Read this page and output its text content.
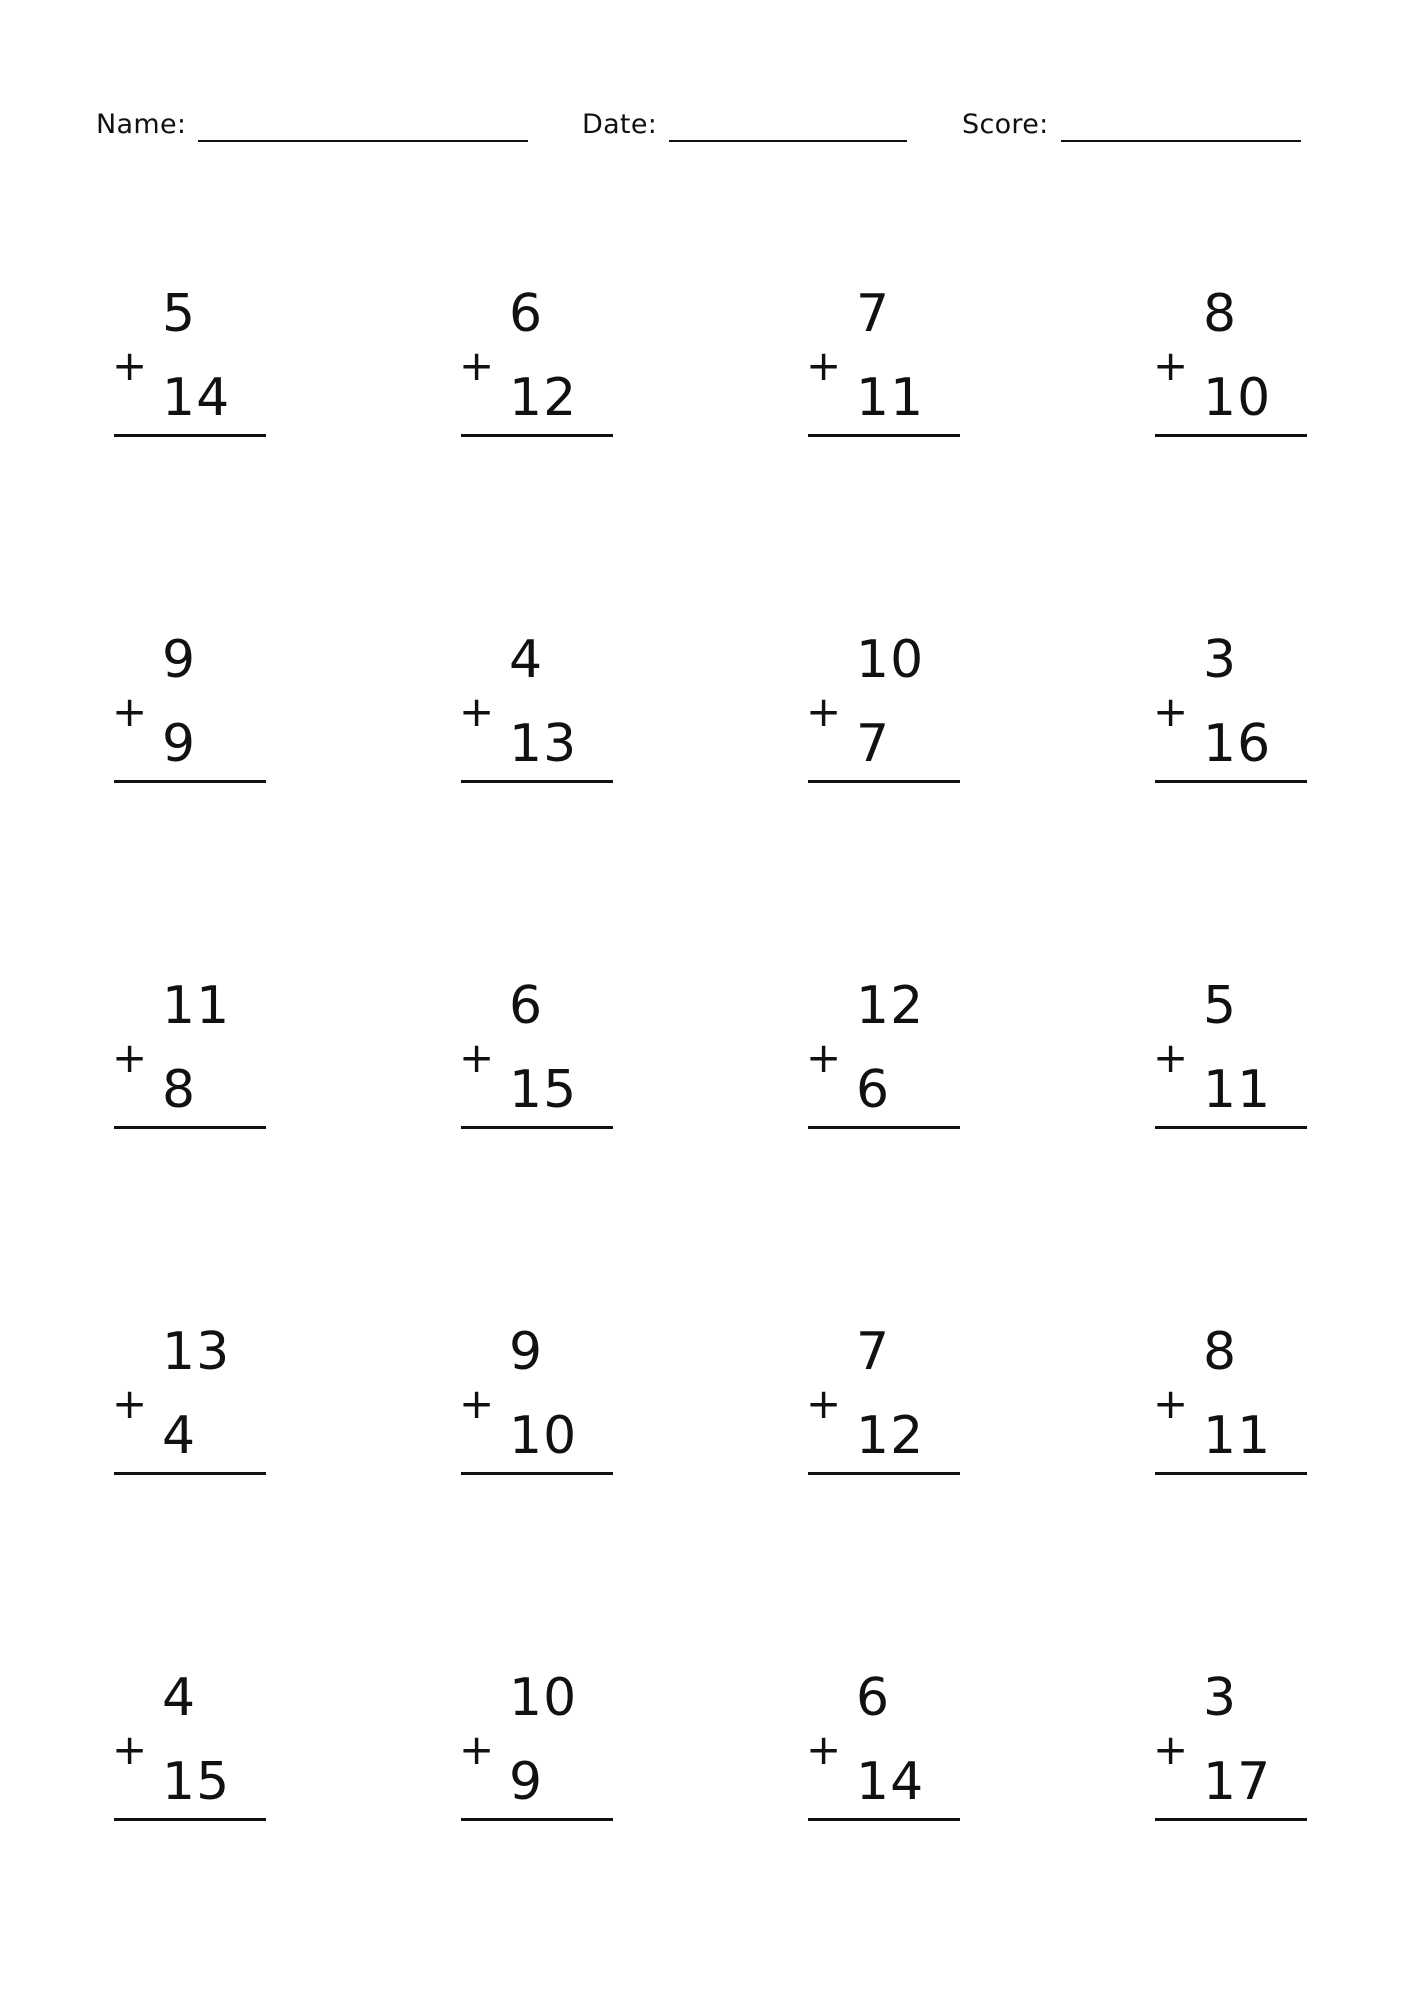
Name:	Date:	Score:
5
+
14
6
+
12
7
+
11
8
+
10
9
+
9
4
+
13
10
+
7
3
+
16
11
+
8
6
+
15
12
+
6
5
+
11
13
+
4
9
+
10
7
+
12
8
+
11
4
+
15
10
+
9
6
+
14
3
+
17
